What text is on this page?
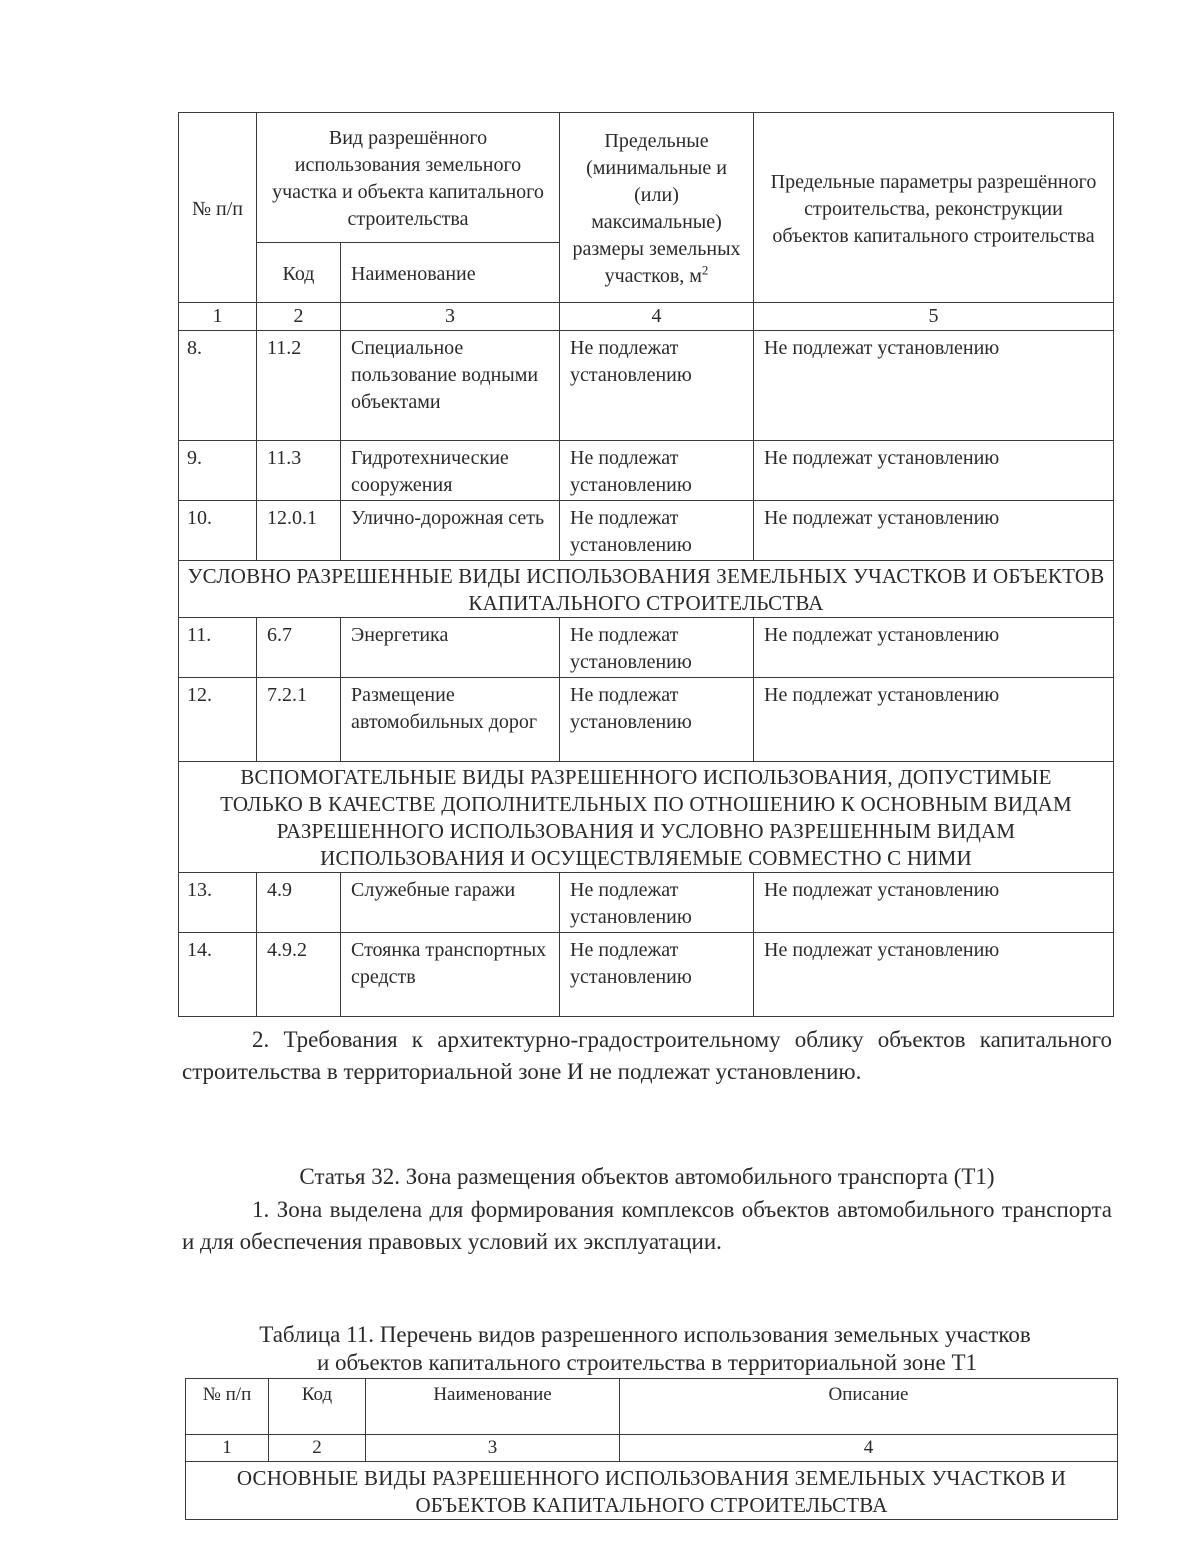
№ п/п	Вид разрешённого использования земельного участка и объекта капитального строительства		Предельные (минимальные и (или) максимальные) размеры земельных участков, $м^2$	Предельные параметры разрешённого строительства, реконструкции объектов капитального строительства
	Код	Наименование		
1	2	3	4	5
8.	11.2	Специальное пользование водными объектами	Не подлежат установлению	Не подлежат установлению
9.	11.3	Гидротехнические сооружения	Не подлежат установлению	Не подлежат установлению
10.	12.0.1	Улично-дорожная сеть	Не подлежат установлению	Не подлежат установлению
УСЛОВНО РАЗРЕШЕННЫЕ ВИДЫ ИСПОЛЬЗОВАНИЯ ЗЕМЕЛЬНЫХ УЧАСТКОВ И ОБЪЕКТОВ КАПИТАЛЬНОГО СТРОИТЕЛЬСТВА				
11.	6.7	Энергетика	Не подлежат установлению	Не подлежат установлению
12.	7.2.1	Размещение автомобильных дорог	Не подлежат установлению	Не подлежат установлению
ВСПОМОГАТЕЛЬНЫЕ ВИДЫ РАЗРЕШЕННОГО ИСПОЛЬЗОВАНИЯ, ДОПУСТИМЫЕ ТОЛЬКО В КАЧЕСТВЕ ДОПОЛНИТЕЛЬНЫХ ПО ОТНОШЕНИЮ К ОСНОВНЫМ ВИДАМ РАЗРЕШЕННОГО ИСПОЛЬЗОВАНИЯ И УСЛОВНО РАЗРЕШЕННЫМ ВИДАМ ИСПОЛЬЗОВАНИЯ И ОСУЩЕСТВЛЯЕМЫЕ СОВМЕСТНО С НИМИ				
13.	4.9	Служебные гаражи	Не подлежат установлению	Не подлежат установлению
14.	4.9.2	Стоянка транспортных средств	Не подлежат установлению	Не подлежат установлению

2. Требования к архитектурно-градостроительному облику объектов капитального строительства в территориальной зоне И не подлежат установлению.

Статья 32. Зона размещения объектов автомобильного транспорта (Т1)

1. Зона выделена для формирования комплексов объектов автомобильного транспорта и для обеспечения правовых условий их эксплуатации.

Таблица 11. Перечень видов разрешенного использования земельных участков

и объектов капитального строительства в территориальной зоне Т1

№ п/п	Код	Наименование	Описание
1	2	3	4
ОСНОВНЫЕ ВИДЫ РАЗРЕШЕННОГО ИСПОЛЬЗОВАНИЯ ЗЕМЕЛЬНЫХ УЧАСТКОВ И ОБЪЕКТОВ КАПИТАЛЬНОГО СТРОИТЕЛЬСТВА			
